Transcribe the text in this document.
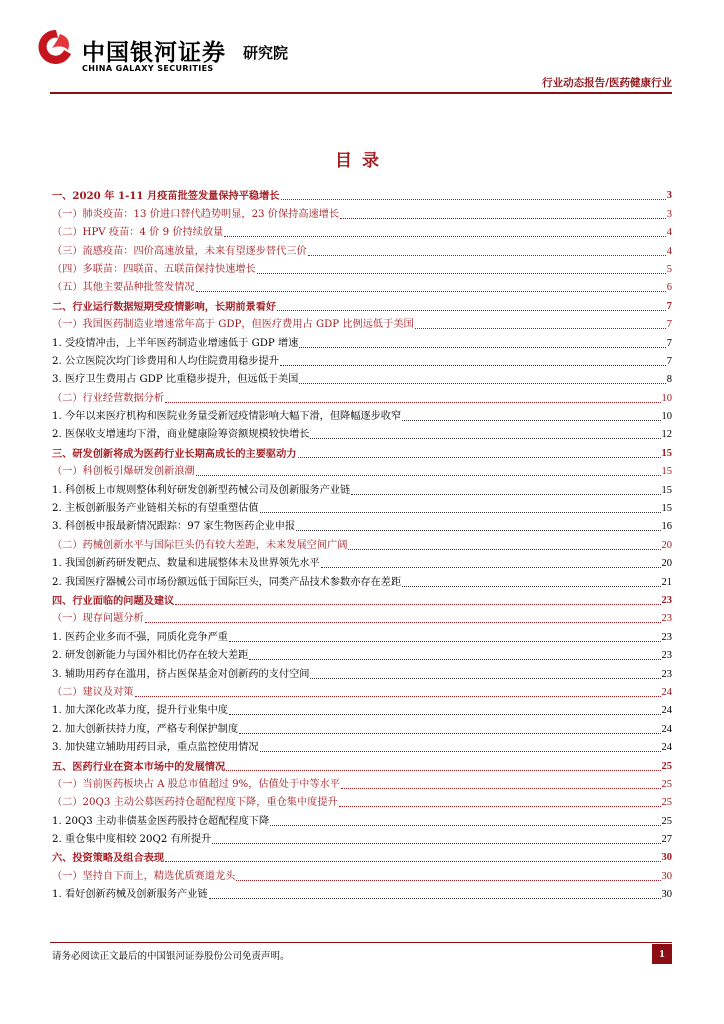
中国银河证券
CHINA GALAXY SECURITIES
研究院
行业动态报告/医药健康行业
目录
一、2020 年 1-11 月疫苗批签发量保持平稳增长	3
（一）肺炎疫苗：13 价进口替代趋势明显，23 价保持高速增长	3
（二）HPV 疫苗：4 价 9 价持续放量	4
（三）流感疫苗：四价高速放量，未来有望逐步替代三价	4
（四）多联苗：四联苗、五联苗保持快速增长	5
（五）其他主要品种批签发情况	6
二、行业运行数据短期受疫情影响，长期前景看好	7
（一）我国医药制造业增速常年高于 GDP，但医疗费用占 GDP 比例远低于美国	7
1. 受疫情冲击，上半年医药制造业增速低于 GDP 增速	7
2. 公立医院次均门诊费用和人均住院费用稳步提升	7
3. 医疗卫生费用占 GDP 比重稳步提升，但远低于美国	8
（二）行业经营数据分析	10
1. 今年以来医疗机构和医院业务量受新冠疫情影响大幅下滑，但降幅逐步收窄	10
2. 医保收支增速均下滑，商业健康险筹资额规模较快增长	12
三、研发创新将成为医药行业长期高成长的主要驱动力	15
（一）科创板引爆研发创新浪潮	15
1. 科创板上市规则整体利好研发创新型药械公司及创新服务产业链	15
2. 主板创新服务产业链相关标的有望重塑估值	15
3. 科创板申报最新情况跟踪：97 家生物医药企业申报	16
（二）药械创新水平与国际巨头仍有较大差距，未来发展空间广阔	20
1. 我国创新药研发靶点、数量和进展整体未及世界领先水平	20
2. 我国医疗器械公司市场份额远低于国际巨头，同类产品技术参数亦存在差距	21
四、行业面临的问题及建议	23
（一）现存问题分析	23
1. 医药企业多而不强，同质化竞争严重	23
2. 研发创新能力与国外相比仍存在较大差距	23
3. 辅助用药存在滥用，挤占医保基金对创新药的支付空间	23
（二）建议及对策	24
1. 加大深化改革力度，提升行业集中度	24
2. 加大创新扶持力度，严格专利保护制度	24
3. 加快建立辅助用药目录，重点监控使用情况	24
五、医药行业在资本市场中的发展情况	25
（一）当前医药板块占 A 股总市值超过 9%，估值处于中等水平	25
（二）20Q3 主动公募医药持仓超配程度下降，重仓集中度提升	25
1. 20Q3 主动非债基金医药股持仓超配程度下降	25
2. 重仓集中度相较 20Q2 有所提升	27
六、投资策略及组合表现	30
（一）坚持自下而上，精选优质赛道龙头	30
1. 看好创新药械及创新服务产业链	30
请务必阅读正文最后的中国银河证券股份公司免责声明。	1
